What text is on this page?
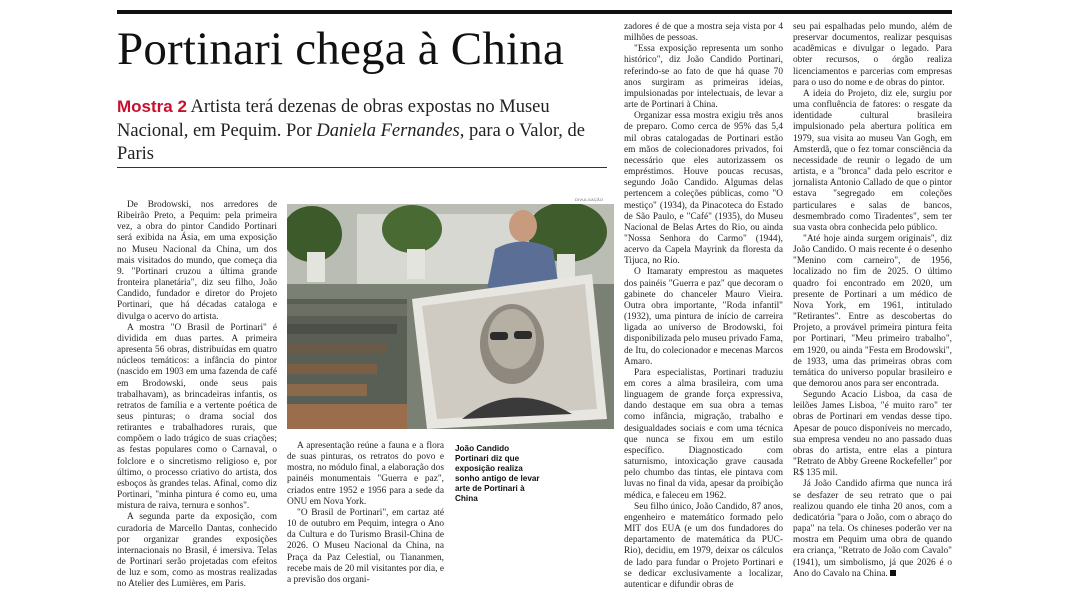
Portinari chega à China
Mostra 2 Artista terá dezenas de obras expostas no Museu Nacional, em Pequim. Por Daniela Fernandes, para o Valor, de Paris

De Brodowski, nos arredores de Ribeirão Preto, a Pequim: pela primeira vez, a obra do pintor Candido Portinari será exibida na Ásia, em uma exposição no Museu Nacional da China, um dos mais visitados do mundo, que começa dia 9. "Portinari cruzou a última grande fronteira planetária", diz seu filho, João Candido, fundador e diretor do Projeto Portinari, que há décadas cataloga e divulga o acervo do artista.

A mostra "O Brasil de Portinari" é dividida em duas partes. A primeira apresenta 56 obras, distribuídas em quatro núcleos temáticos: a infância do pintor (nascido em 1903 em uma fazenda de café em Brodowski, onde seus pais trabalhavam), as brincadeiras infantis, os retratos de família e a vertente poética de seus pinturas; o drama social dos retirantes e trabalhadores rurais, que compõem o lado trágico de suas criações; as festas populares como o Carnaval, o folclore e o sincretismo religioso e, por último, o processo criativo do artista, dos esboços às grandes telas. Afinal, como diz Portinari, "minha pintura é como eu, uma mistura de raiva, ternura e sonhos".

A segunda parte da exposição, com curadoria de Marcello Dantas, conhecido por organizar grandes exposições internacionais no Brasil, é imersiva. Telas de Portinari serão projetadas com efeitos de luz e som, como as mostras realizadas no Atelier des Lumières, em Paris.

DIVULGAÇÃO
João Candido Portinari diz que exposição realiza sonho antigo de levar arte de Portinari à China

A apresentação reúne a fauna e a flora de suas pinturas, os retratos do povo e mostra, no módulo final, a elaboração dos painéis monumentais "Guerra e paz", criados entre 1952 e 1956 para a sede da ONU em Nova York.

"O Brasil de Portinari", em cartaz até 10 de outubro em Pequim, integra o Ano da Cultura e do Turismo Brasil-China de 2026. O Museu Nacional da China, na Praça da Paz Celestial, ou Tiananmen, recebe mais de 20 mil visitantes por dia, e a previsão dos organi-

zadores é de que a mostra seja vista por 4 milhões de pessoas.

"Essa exposição representa um sonho histórico", diz João Candido Portinari, referindo-se ao fato de que há quase 70 anos surgiram as primeiras ideias, impulsionadas por intelectuais, de levar a arte de Portinari à China.

Organizar essa mostra exigiu três anos de preparo. Como cerca de 95% das 5,4 mil obras catalogadas de Portinari estão em mãos de colecionadores privados, foi necessário que eles autorizassem os empréstimos. Houve poucas recusas, segundo João Candido. Algumas delas pertencem a coleções públicas, como "O mestiço" (1934), da Pinacoteca do Estado de São Paulo, e "Café" (1935), do Museu Nacional de Belas Artes do Rio, ou ainda "Nossa Senhora do Carmo" (1944), acervo da Capela Mayrink da floresta da Tijuca, no Rio.

O Itamaraty emprestou as maquetes dos painéis "Guerra e paz" que decoram o gabinete do chanceler Mauro Vieira. Outra obra importante, "Roda infantil" (1932), uma pintura de início de carreira ligada ao universo de Brodowski, foi disponibilizada pelo museu privado Fama, de Itu, do colecionador e mecenas Marcos Amaro.

Para especialistas, Portinari traduziu em cores a alma brasileira, com uma linguagem de grande força expressiva, dando destaque em sua obra a temas como infância, migração, trabalho e desigualdades sociais e com uma técnica que nunca se fixou em um estilo específico. Diagnosticado com saturnismo, intoxicação grave causada pelo chumbo das tintas, ele pintava com luvas no final da vida, apesar da proibição médica, e faleceu em 1962.

Seu filho único, João Candido, 87 anos, engenheiro e matemático formado pelo MIT dos EUA (e um dos fundadores do departamento de matemática da PUC-Rio), decidiu, em 1979, deixar os cálculos de lado para fundar o Projeto Portinari e se dedicar exclusivamente a localizar, autenticar e difundir obras de

seu pai espalhadas pelo mundo, além de preservar documentos, realizar pesquisas acadêmicas e divulgar o legado. Para obter recursos, o órgão realiza licenciamentos e parcerias com empresas para o uso do nome e de obras do pintor.

A ideia do Projeto, diz ele, surgiu por uma confluência de fatores: o resgate da identidade cultural brasileira impulsionado pela abertura política em 1979, sua visita ao museu Van Gogh, em Amsterdã, que o fez tomar consciência da necessidade de reunir o legado de um artista, e a "bronca" dada pelo escritor e jornalista Antonio Callado de que o pintor estava "segregado em coleções particulares e salas de bancos, desmembrado como Tiradentes", sem ter sua vasta obra conhecida pelo público.

"Até hoje ainda surgem originais", diz João Candido. O mais recente é o desenho "Menino com carneiro", de 1956, localizado no fim de 2025. O último quadro foi encontrado em 2020, um presente de Portinari a um médico de Nova York, em 1961, intitulado "Retirantes". Entre as descobertas do Projeto, a provável primeira pintura feita por Portinari, "Meu primeiro trabalho", em 1920, ou ainda "Festa em Brodowski", de 1933, uma das primeiras obras com temática do universo popular brasileiro e que demorou anos para ser encontrada.

Segundo Acacio Lisboa, da casa de leilões James Lisboa, "é muito raro" ter obras de Portinari em vendas desse tipo. Apesar de pouco disponíveis no mercado, sua empresa vendeu no ano passado duas obras do artista, entre elas a pintura "Retrato de Abby Greene Rockefeller" por R$ 135 mil.

Já João Candido afirma que nunca irá se desfazer de seu retrato que o pai realizou quando ele tinha 20 anos, com a dedicatória "para o João, com o abraço do papa" na tela. Os chineses poderão ver na mostra em Pequim uma obra de quando era criança, "Retrato de João com Cavalo" (1941), um simbolismo, já que 2026 é o Ano do Cavalo na China.
